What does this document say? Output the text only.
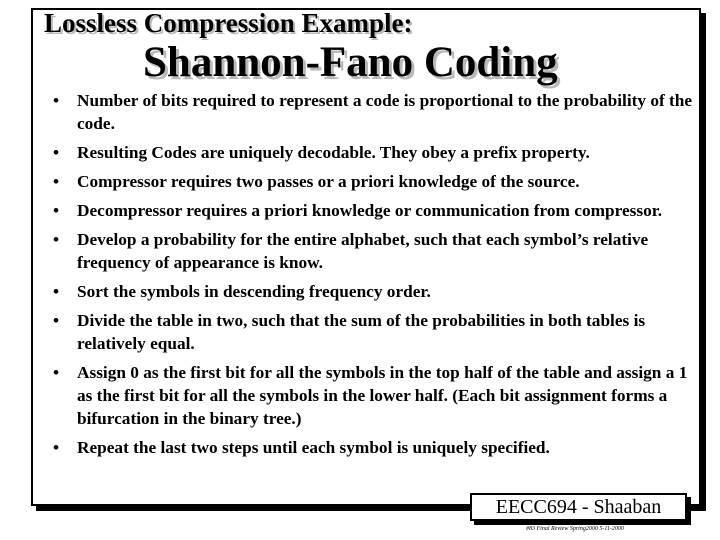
Lossless Compression Example:
Shannon-Fano Coding
• Number of bits required to represent a code is proportional to the probability of the code.
• Resulting Codes are uniquely decodable. They obey a prefix property.
• Compressor requires two passes or a priori knowledge of the source.
• Decompressor requires a priori knowledge or communication from compressor.
• Develop a probability for the entire alphabet, such that each symbol’s relative frequency of appearance is know.
• Sort the symbols in descending frequency order.
• Divide the table in two, such that the sum of the probabilities in both tables is relatively equal.
• Assign 0 as the first bit for all the symbols in the top half of the table and assign a 1 as the first bit for all the symbols in the lower half. (Each bit assignment forms a bifurcation in the binary tree.)
• Repeat the last two steps until each symbol is uniquely specified.
EECC694 - Shaaban
#83 Final Review Spring2000 5-11-2000
